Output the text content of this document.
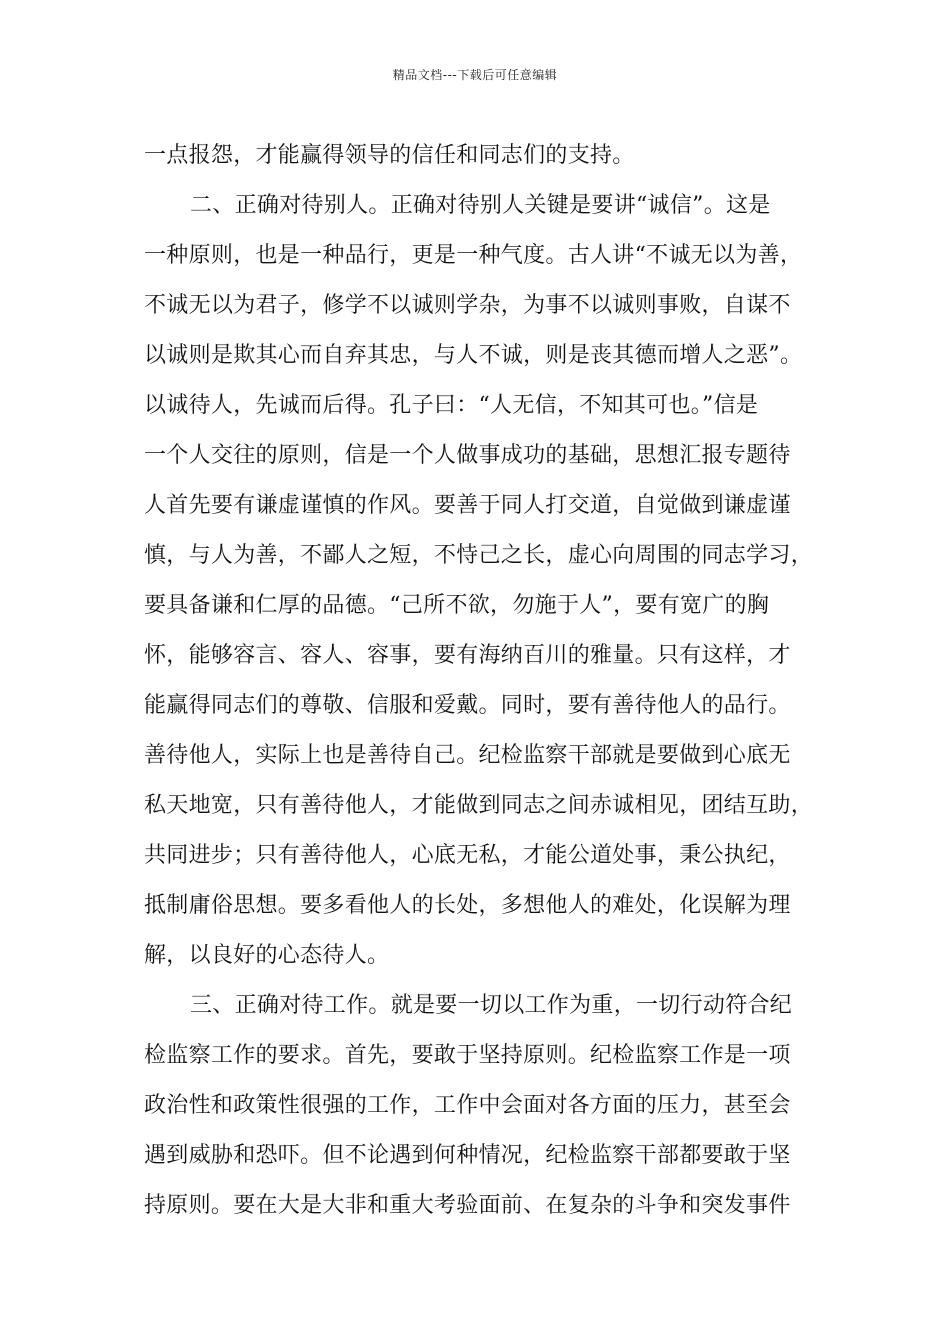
精品文档---下载后可任意编辑
一点报怨，才能赢得领导的信任和同志们的支持。
二、正确对待别人。正确对待别人关键是要讲“诚信”。这是
一种原则，也是一种品行，更是一种气度。古人讲“不诚无以为善，
不诚无以为君子，修学不以诚则学杂，为事不以诚则事败，自谋不
以诚则是欺其心而自弃其忠，与人不诚，则是丧其德而增人之恶”。
以诚待人，先诚而后得。孔子曰：“人无信，不知其可也。”信是
一个人交往的原则，信是一个人做事成功的基础，思想汇报专题待
人首先要有谦虚谨慎的作风。要善于同人打交道，自觉做到谦虚谨
慎，与人为善，不鄙人之短，不恃己之长，虚心向周围的同志学习，
要具备谦和仁厚的品德。“己所不欲，勿施于人”，要有宽广的胸
怀，能够容言、容人、容事，要有海纳百川的雅量。只有这样，才
能赢得同志们的尊敬、信服和爱戴。同时，要有善待他人的品行。
善待他人，实际上也是善待自己。纪检监察干部就是要做到心底无
私天地宽，只有善待他人，才能做到同志之间赤诚相见，团结互助，
共同进步；只有善待他人，心底无私，才能公道处事，秉公执纪，
抵制庸俗思想。要多看他人的长处，多想他人的难处，化误解为理
解，以良好的心态待人。
三、正确对待工作。就是要一切以工作为重，一切行动符合纪
检监察工作的要求。首先，要敢于坚持原则。纪检监察工作是一项
政治性和政策性很强的工作，工作中会面对各方面的压力，甚至会
遇到威胁和恐吓。但不论遇到何种情况，纪检监察干部都要敢于坚
持原则。要在大是大非和重大考验面前、在复杂的斗争和突发事件
